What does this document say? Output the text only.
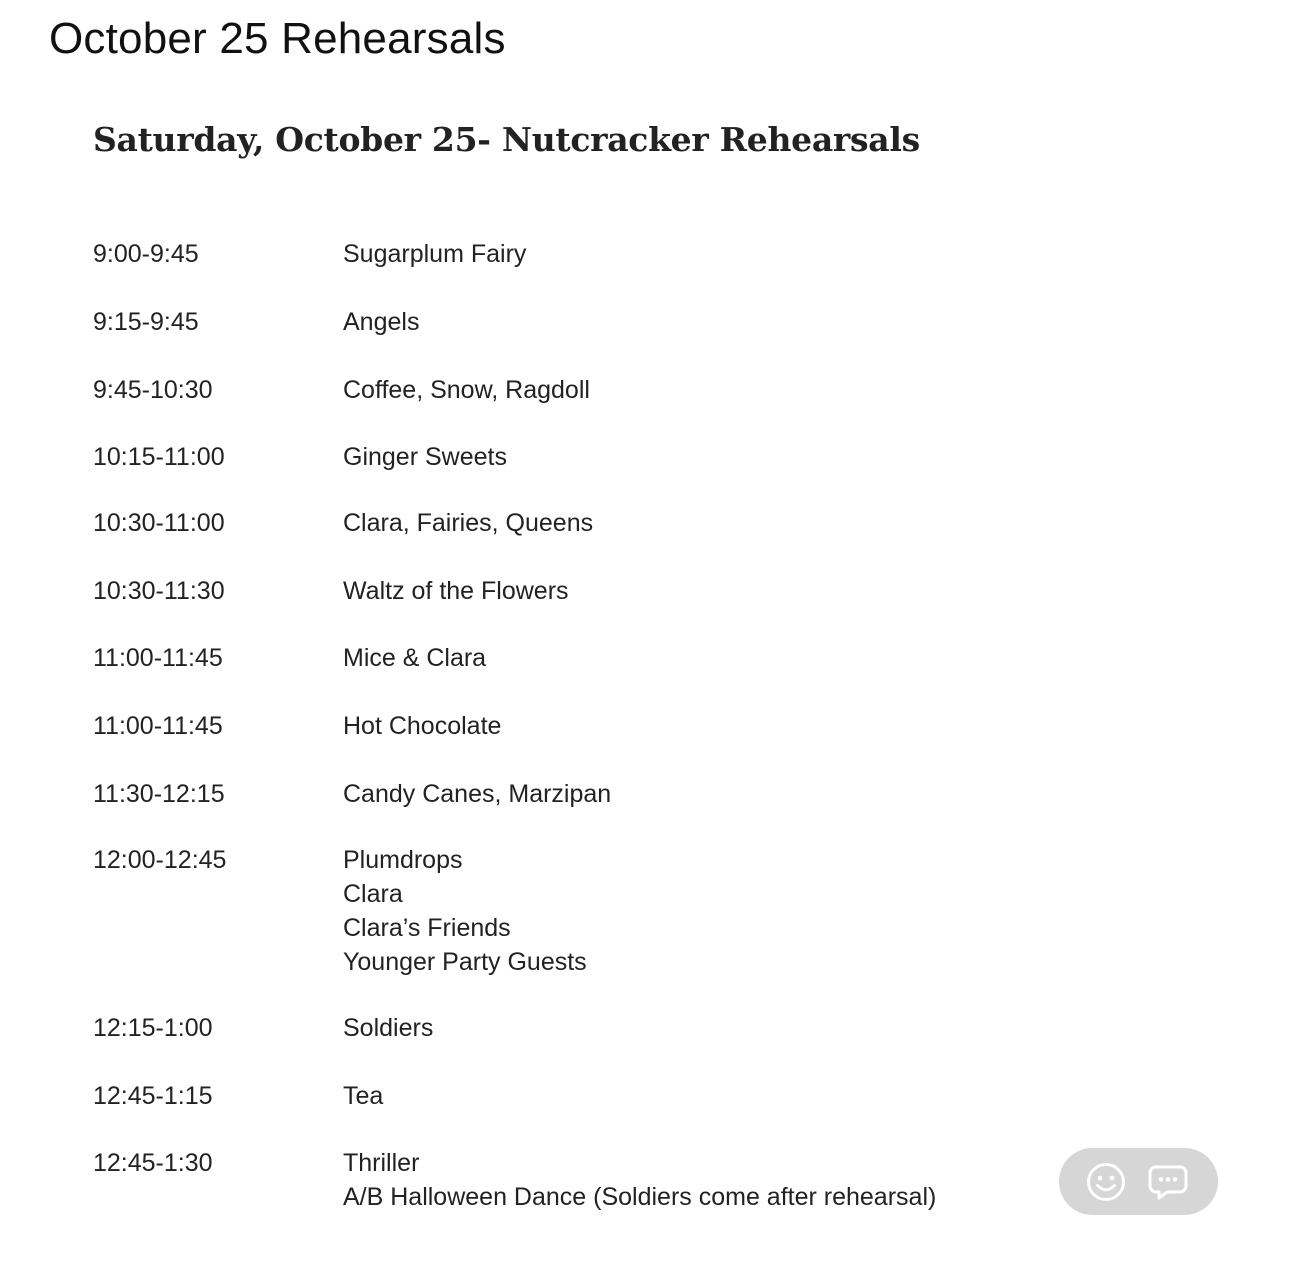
October 25 Rehearsals
Saturday, October 25- Nutcracker Rehearsals
9:00-9:45	Sugarplum Fairy
9:15-9:45	Angels
9:45-10:30	Coffee, Snow, Ragdoll
10:15-11:00	Ginger Sweets
10:30-11:00	Clara, Fairies, Queens
10:30-11:30	Waltz of the Flowers
11:00-11:45	Mice & Clara
11:00-11:45	Hot Chocolate
11:30-12:15	Candy Canes, Marzipan
12:00-12:45	Plumdrops
Clara
Clara’s Friends
Younger Party Guests
12:15-1:00	Soldiers
12:45-1:15	Tea
12:45-1:30	Thriller
A/B Halloween Dance (Soldiers come after rehearsal)
